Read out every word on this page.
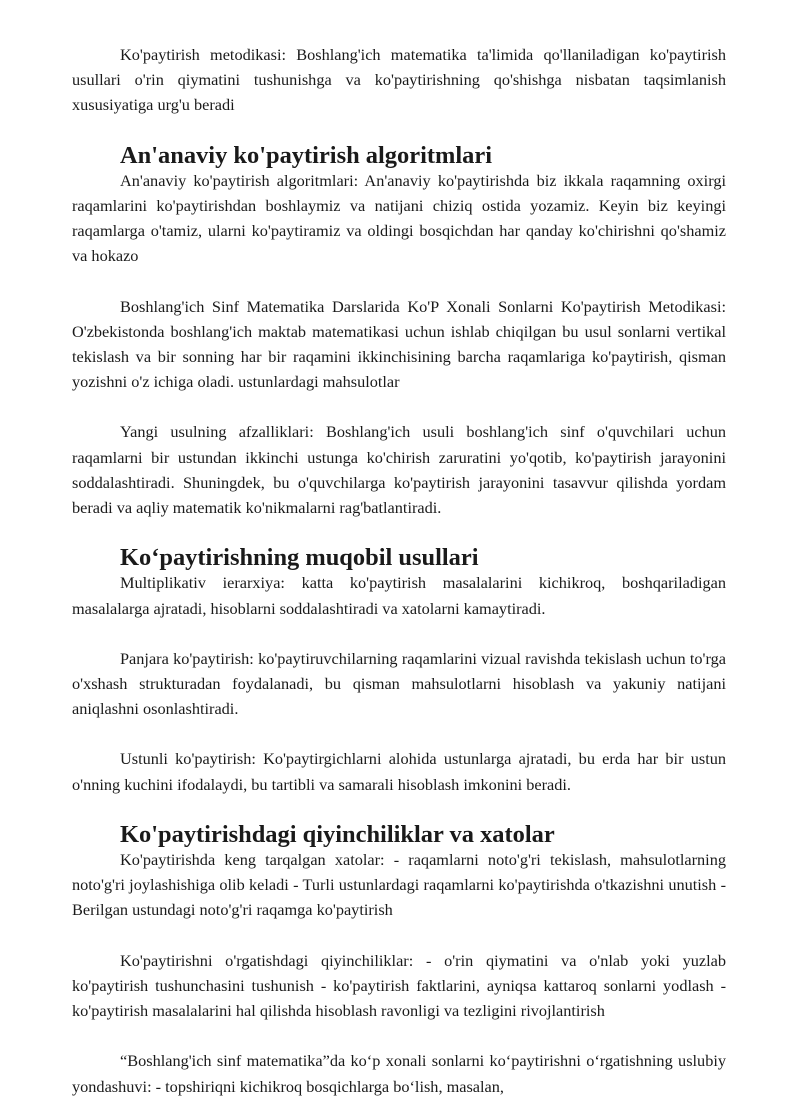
Ko'paytirish metodikasi: Boshlang'ich matematika ta'limida qo'llaniladigan ko'paytirish usullari o'rin qiymatini tushunishga va ko'paytirishning qo'shishga nisbatan taqsimlanish xususiyatiga urg'u beradi

An'anaviy ko'paytirish algoritmlari

An'anaviy ko'paytirish algoritmlari: An'anaviy ko'paytirishda biz ikkala raqamning oxirgi raqamlarini ko'paytirishdan boshlaymiz va natijani chiziq ostida yozamiz. Keyin biz keyingi raqamlarga o'tamiz, ularni ko'paytiramiz va oldingi bosqichdan har qanday ko'chirishni qo'shamiz va hokazo

Boshlang'ich Sinf Matematika Darslarida Ko'P Xonali Sonlarni Ko'paytirish Metodikasi: O'zbekistonda boshlang'ich maktab matematikasi uchun ishlab chiqilgan bu usul sonlarni vertikal tekislash va bir sonning har bir raqamini ikkinchisining barcha raqamlariga ko'paytirish, qisman yozishni o'z ichiga oladi. ustunlardagi mahsulotlar

Yangi usulning afzalliklari: Boshlang'ich usuli boshlang'ich sinf o'quvchilari uchun raqamlarni bir ustundan ikkinchi ustunga ko'chirish zaruratini yo'qotib, ko'paytirish jarayonini soddalashtiradi. Shuningdek, bu o'quvchilarga ko'paytirish jarayonini tasavvur qilishda yordam beradi va aqliy matematik ko'nikmalarni rag'batlantiradi.

Ko‘paytirishning muqobil usullari

Multiplikativ ierarxiya: katta ko'paytirish masalalarini kichikroq, boshqariladigan masalalarga ajratadi, hisoblarni soddalashtiradi va xatolarni kamaytiradi.

Panjara ko'paytirish: ko'paytiruvchilarning raqamlarini vizual ravishda tekislash uchun to'rga o'xshash strukturadan foydalanadi, bu qisman mahsulotlarni hisoblash va yakuniy natijani aniqlashni osonlashtiradi.

Ustunli ko'paytirish: Ko'paytirgichlarni alohida ustunlarga ajratadi, bu erda har bir ustun o'nning kuchini ifodalaydi, bu tartibli va samarali hisoblash imkonini beradi.

Ko'paytirishdagi qiyinchiliklar va xatolar

Ko'paytirishda keng tarqalgan xatolar: - raqamlarni noto'g'ri tekislash, mahsulotlarning noto'g'ri joylashishiga olib keladi - Turli ustunlardagi raqamlarni ko'paytirishda o'tkazishni unutish - Berilgan ustundagi noto'g'ri raqamga ko'paytirish

Ko'paytirishni o'rgatishdagi qiyinchiliklar: - o'rin qiymatini va o'nlab yoki yuzlab ko'paytirish tushunchasini tushunish - ko'paytirish faktlarini, ayniqsa kattaroq sonlarni yodlash - ko'paytirish masalalarini hal qilishda hisoblash ravonligi va tezligini rivojlantirish

“Boshlang'ich sinf matematika”da ko‘p xonali sonlarni ko‘paytirishni o‘rgatishning uslubiy yondashuvi: - topshiriqni kichikroq bosqichlarga bo‘lish, masalan,
